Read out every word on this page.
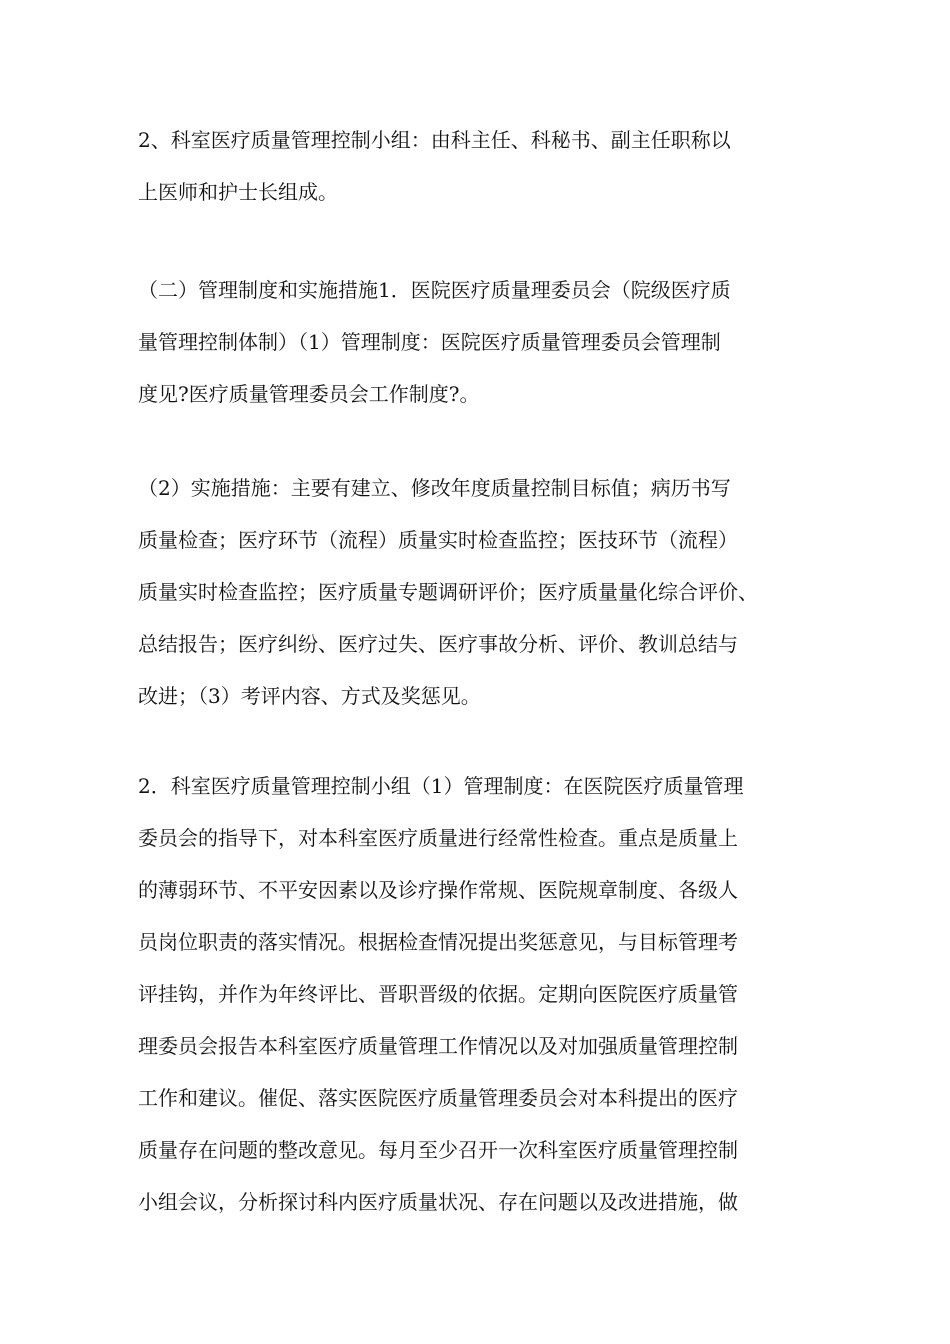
2、科室医疗质量管理控制小组：由科主任、科秘书、副主任职称以
上医师和护士长组成。
（二）管理制度和实施措施1．医院医疗质量理委员会（院级医疗质
量管理控制体制）（1）管理制度：医院医疗质量管理委员会管理制
度见?医疗质量管理委员会工作制度?。
（2）实施措施：主要有建立、修改年度质量控制目标值；病历书写
质量检查；医疗环节（流程）质量实时检查监控；医技环节（流程）
质量实时检查监控；医疗质量专题调研评价；医疗质量量化综合评价、
总结报告；医疗纠纷、医疗过失、医疗事故分析、评价、教训总结与
改进；（3）考评内容、方式及奖惩见。
2．科室医疗质量管理控制小组（1）管理制度：在医院医疗质量管理
委员会的指导下，对本科室医疗质量进行经常性检查。重点是质量上
的薄弱环节、不平安因素以及诊疗操作常规、医院规章制度、各级人
员岗位职责的落实情况。根据检查情况提出奖惩意见，与目标管理考
评挂钩，并作为年终评比、晋职晋级的依据。定期向医院医疗质量管
理委员会报告本科室医疗质量管理工作情况以及对加强质量管理控制
工作和建议。催促、落实医院医疗质量管理委员会对本科提出的医疗
质量存在问题的整改意见。每月至少召开一次科室医疗质量管理控制
小组会议，分析探讨科内医疗质量状况、存在问题以及改进措施，做
